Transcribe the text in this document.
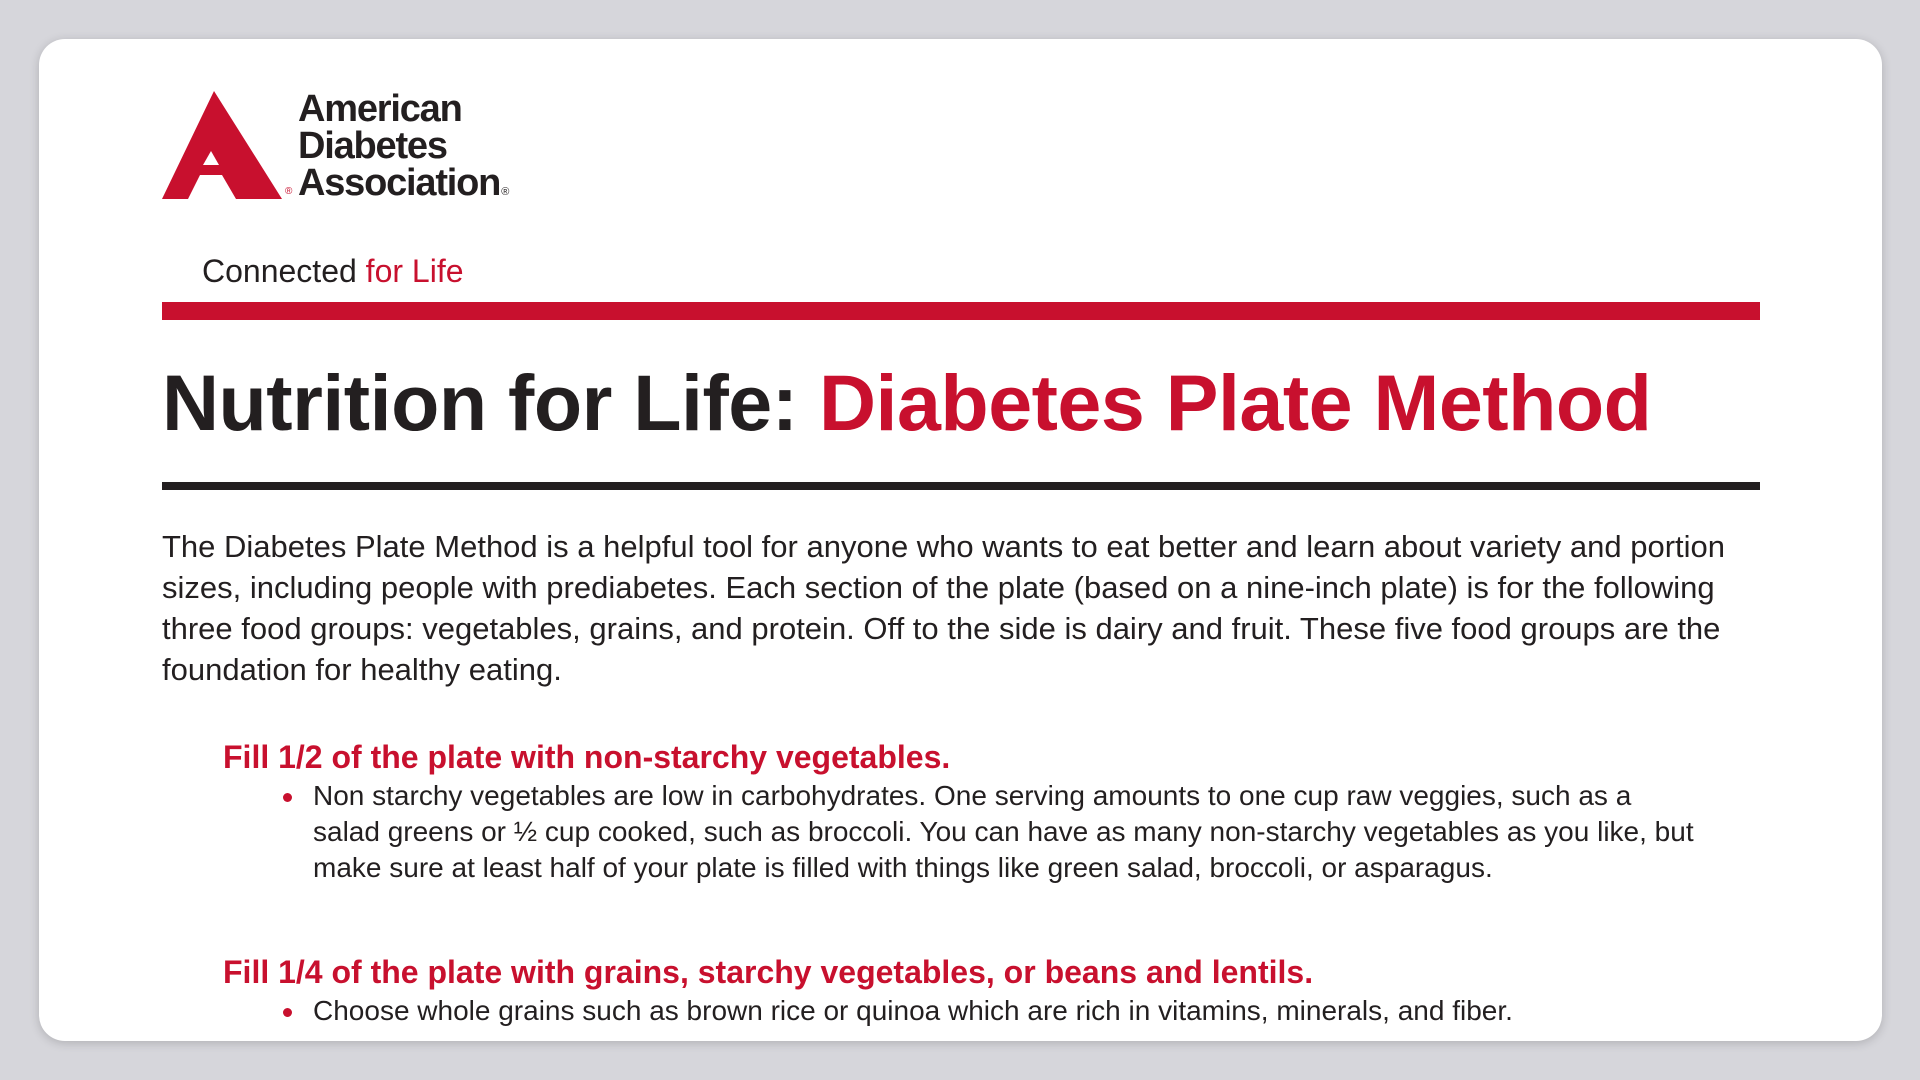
®
American
Diabetes
Association®
Connected for Life
Nutrition for Life: Diabetes Plate Method
The Diabetes Plate Method is a helpful tool for anyone who wants to eat better and learn about variety and portion sizes, including people with prediabetes. Each section of the plate (based on a nine-inch plate) is for the following three food groups: vegetables, grains, and protein. Off to the side is dairy and fruit. These five food groups are the foundation for healthy eating.
Fill 1/2 of the plate with non-starchy vegetables.
Non starchy vegetables are low in carbohydrates. One serving amounts to one cup raw veggies, such as a salad greens or ½ cup cooked, such as broccoli. You can have as many non-starchy vegetables as you like, but make sure at least half of your plate is filled with things like green salad, broccoli, or asparagus.
Fill 1/4 of the plate with grains, starchy vegetables, or beans and lentils.
Choose whole grains such as brown rice or quinoa which are rich in vitamins, minerals, and fiber.
